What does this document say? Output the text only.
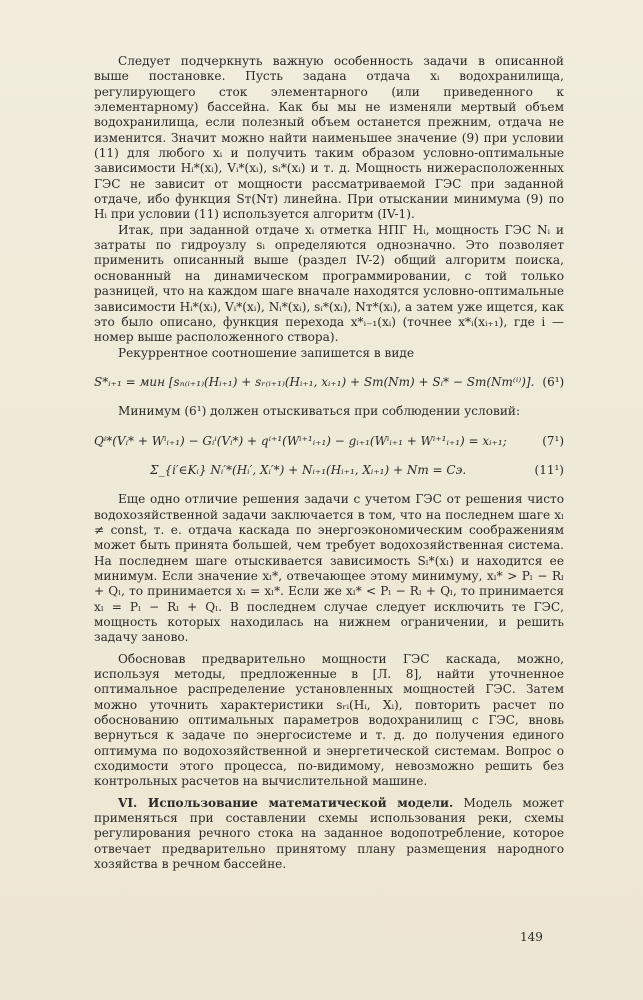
Следует подчеркнуть важную особенность задачи в описанной выше постановке. Пусть задана отдача xᵢ водохранилища, регулирующего сток элементарного (или приведенного к элементарному) бассейна. Как бы мы не изменяли мертвый объем водохранилища, если полезный объем останется прежним, отдача не изменится. Значит можно найти наименьшее значение (9) при условии (11) для любого xᵢ и получить таким образом условно-оптимальные зависимости Hᵢ*(xᵢ), Vᵢ*(xᵢ), sᵢ*(xᵢ) и т. д. Мощность нижерасположенных ГЭС не зависит от мощности рассматриваемой ГЭС при заданной отдаче, ибо функция Sт(Nт) линейна. При отыскании минимума (9) по Hᵢ при условии (11) используется алгоритм (IV-1).

Итак, при заданной отдаче xᵢ отметка НПГ Hᵢ, мощность ГЭС Nᵢ и затраты по гидроузлу sᵢ определяются однозначно. Это позволяет применить описанный выше (раздел IV-2) общий алгоритм поиска, основанный на динамическом программировании, с той только разницей, что на каждом шаге вначале находятся условно-оптимальные зависимости Hᵢ*(xᵢ), Vᵢ*(xᵢ), Nᵢ*(xᵢ), sᵢ*(xᵢ), Nт*(xᵢ), а затем уже ищется, как это было описано, функция перехода x*ᵢ₋₁(xᵢ) (точнее x*ᵢ(xᵢ₊₁), где i — номер выше расположенного створа).

Рекуррентное соотношение запишется в виде

S*ᵢ₊₁ = мин [sₙ₍ᵢ₊₁₎(Hᵢ₊₁) + sᵣ₍ᵢ₊₁₎(Hᵢ₊₁, xᵢ₊₁) + Sт(Nт) + Sᵢ* − Sт(Nт⁽ⁱ⁾)]. (6¹)

Минимум (6¹) должен отыскиваться при соблюдении условий:

Qⁱ*(Vᵢ* + Wⁱᵢ₊₁) − Gᵢⁱ(Vᵢ*) + qⁱ⁺¹(Wⁱ⁺¹ᵢ₊₁) − gᵢ₊₁(Wⁱᵢ₊₁ + Wⁱ⁺¹ᵢ₊₁) = xᵢ₊₁;	(7¹)
Σ_{i′∈Kᵢ} Nᵢ′*(Hᵢ′, Xᵢ′*) + Nᵢ₊₁(Hᵢ₊₁, Xᵢ₊₁) + Nт = Cэ.	(11¹)

Еще одно отличие решения задачи с учетом ГЭС от решения чисто водохозяйственной задачи заключается в том, что на последнем шаге xₗ ≠ const, т. е. отдача каскада по энергоэкономическим соображениям может быть принята большей, чем требует водохозяйственная система. На последнем шаге отыскивается зависимость Sₗ*(xₗ) и находится ее минимум. Если значение xₗ*, отвечающее этому минимуму, xₗ* > Pₗ − Rₗ + Qₗ, то принимается xₗ = xₗ*. Если же xₗ* < Pₗ − Rₗ + Qₗ, то принимается xₗ = Pₗ − Rₗ + Qₗ. В последнем случае следует исключить те ГЭС, мощность которых находилась на нижнем ограничении, и решить задачу заново.

Обосновав предварительно мощности ГЭС каскада, можно, используя методы, предложенные в [Л. 8], найти уточненное оптимальное распределение установленных мощностей ГЭС. Затем можно уточнить характеристики sᵣᵢ(Hᵢ, Xᵢ), повторить расчет по обоснованию оптимальных параметров водохранилищ с ГЭС, вновь вернуться к задаче по энергосистеме и т. д. до получения единого оптимума по водохозяйственной и энергетической системам. Вопрос о сходимости этого процесса, по-видимому, невозможно решить без контрольных расчетов на вычислительной машине.

VI. Использование математической модели. Модель может применяться при составлении схемы использования реки, схемы регулирования речного стока на заданное водопотребление, которое отвечает предварительно принятому плану размещения народного хозяйства в речном бассейне.

149
